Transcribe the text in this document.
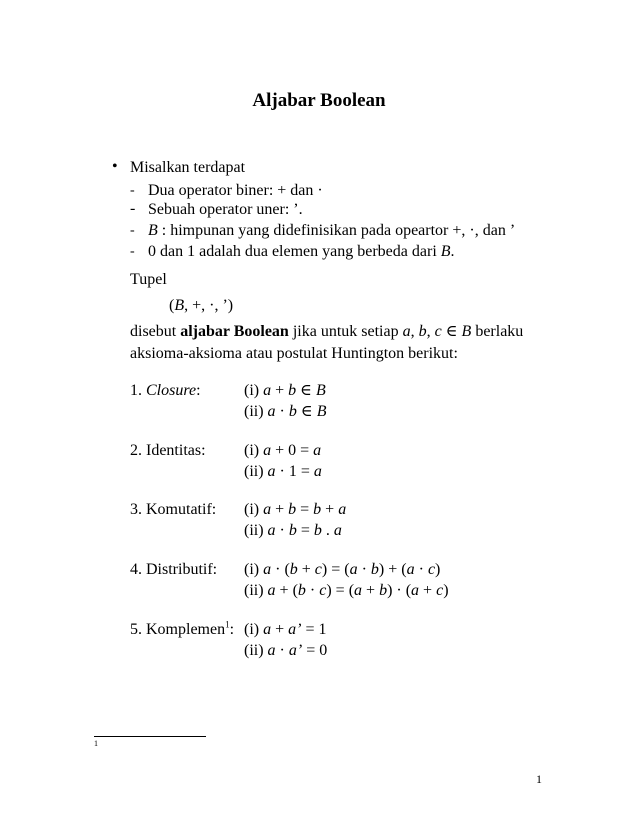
Aljabar Boolean
• Misalkan terdapat
- Dua operator biner: + dan ·
- Sebuah operator uner: ’.
- B : himpunan yang didefinisikan pada opeartor +, ·, dan ’
- 0 dan 1 adalah dua elemen yang berbeda dari B.
Tupel
(B, +, ·, ’)
disebut aljabar Boolean jika untuk setiap a, b, c ∈ B berlaku
aksioma-aksioma atau postulat Huntington berikut:
1. Closure:	(i) a + b ∈ B
(ii) a · b ∈ B
2. Identitas: (i) a + 0 = a
(ii) a · 1 = a
3. Komutatif: (i) a + b = b + a
(ii) a · b = b . a
4. Distributif: (i) a · (b + c) = (a · b) + (a · c)
(ii) a + (b · c) = (a + b) · (a + c)
5. Komplemen$^1$: (i) a + a’ = 1
(ii) a · a’ = 0
1
1
